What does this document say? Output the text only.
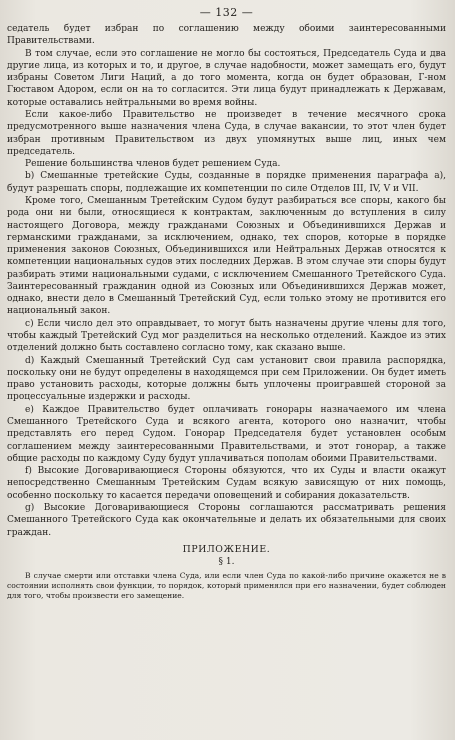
— 132 —

седатель будет избран по соглашению между обоими заинтересованными Правительствами.

В том случае, если это соглашение не могло бы состояться, Председатель Суда и два другие лица, из которых и то, и другое, в случае надобности, может замещать его, будут избраны Советом Лиги Наций, а до того момента, когда он будет образован, Г-ном Гюставом Адором, если он на то согласится. Эти лица будут принадлежать к Державам, которые оставались нейтральными во время войны.

Если какое-либо Правительство не произведет в течение месячного срока предусмотренного выше назначения члена Суда, в случае вакансии, то этот член будет избран противным Правительством из двух упомянутых выше лиц, иных чем председатель.

Решение большинства членов будет решением Суда.

b) Смешанные третейские Суды, созданные в порядке применения параграфа a), будут разрешать споры, подлежащие их компетенции по силе Отделов III, IV, V и VII.

Кроме того, Смешанным Третейским Судом будут разбираться все споры, какого бы рода они ни были, относящиеся к контрактам, заключенным до вступления в силу настоящего Договора, между гражданами Союзных и Объединившихся Держав и германскими гражданами, за исключением, однако, тех споров, которые в порядке применения законов Союзных, Объединившихся или Нейтральных Держав относятся к компетенции национальных судов этих последних Держав. В этом случае эти споры будут разбирать этими национальными судами, с исключением Смешанного Третейского Суда. Заинтересованный гражданин одной из Союзных или Объединившихся Держав может, однако, внести дело в Смешанный Третейский Суд, если только этому не противится его национальный закон.

c) Если число дел это оправдывает, то могут быть назначены другие члены для того, чтобы каждый Третейский Суд мог разделиться на несколько отделений. Каждое из этих отделений должно быть составлено согласно тому, как сказано выше.

d) Каждый Смешанный Третейский Суд сам установит свои правила распорядка, поскольку они не будут определены в находящемся при сем Приложении. Он будет иметь право установить расходы, которые должны быть уплочены проигравшей стороной за процессуальные издержки и расходы.

e) Каждое Правительство будет оплачивать гонорары назначаемого им члена Смешанного Третейского Суда и всякого агента, которого оно назначит, чтобы представлять его перед Судом. Гонорар Председателя будет установлен особым соглашением между заинтересованными Правительствами, и этот гонорар, а также общие расходы по каждому Суду будут уплачиваться пополам обоими Правительствами.

f) Высокие Договаривающиеся Стороны обязуются, что их Суды и власти окажут непосредственно Смешанным Третейским Судам всякую зависящую от них помощь, особенно поскольку то касается передачи оповещений и собирания доказательств.

g) Высокие Договаривающиеся Стороны соглашаются рассматривать решения Смешанного Третейского Суда как окончательные и делать их обязательными для своих граждан.

ПРИЛОЖЕНИЕ.
§ 1.

В случае смерти или отставки члена Суда, или если член Суда по какой-либо причине окажется не в состоянии исполнять свои функции, то порядок, который применялся при его назначении, будет соблюден для того, чтобы произвести его замещение.
